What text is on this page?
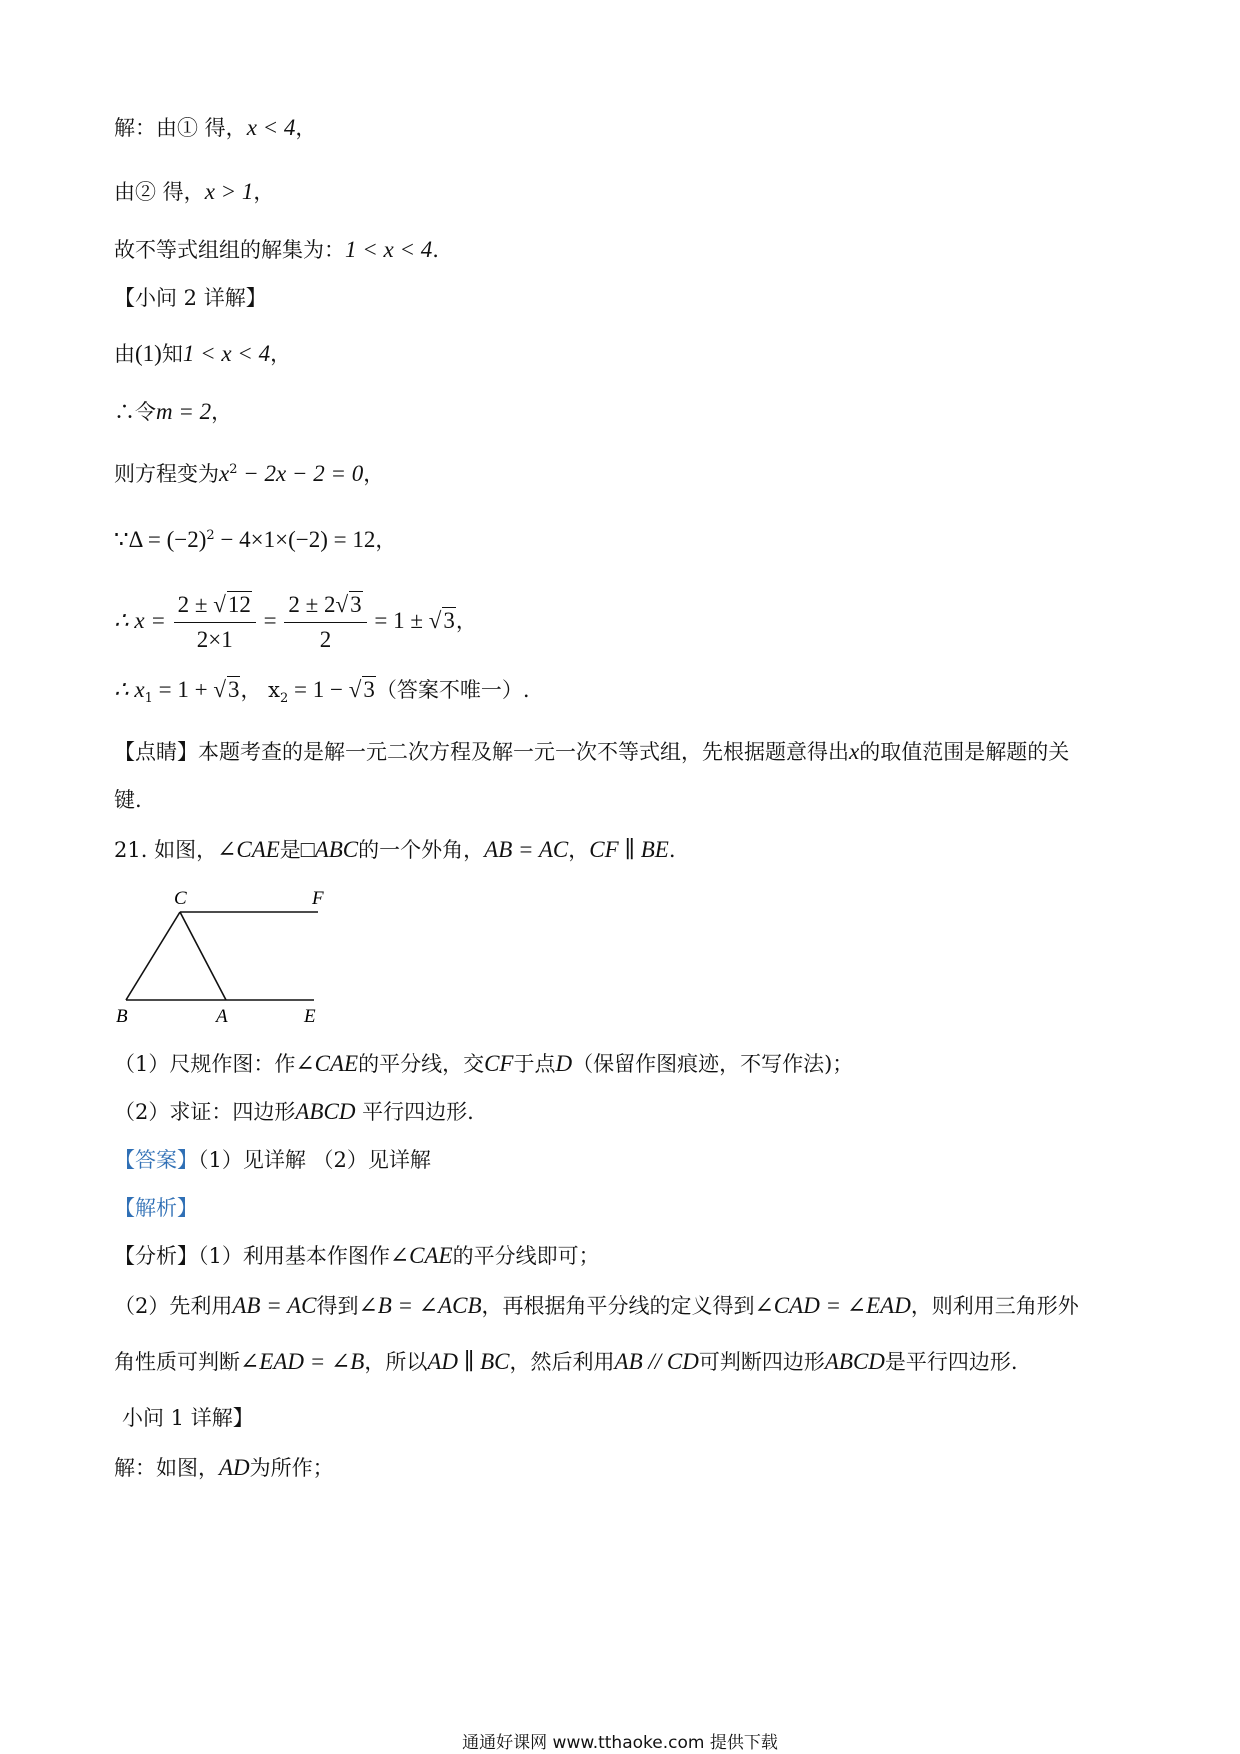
解：由① 得，x < 4，
由② 得，x > 1，
故不等式组组的解集为：1 < x < 4.
【小问 2 详解】
由(1)知1 < x < 4，
∴令m = 2，
则方程变为$x^2 - 2x - 2 = 0$，
∵Δ = $(-2)^2 - 4\times 1\times(-2) = 12$，
∴ $x = \frac{2 \pm √12}{2\times 1} = \frac{2 \pm 2√3}{2} = 1 \pm √3$，
∴ $x_1 = 1 + √3$， $x_2 = 1 - √3$（答案不唯一）.
【点睛】本题考查的是解一元二次方程及解一元一次不等式组，先根据题意得出x的取值范围是解题的关
键.
21. 如图，∠CAE是□ABC的一个外角，AB = AC，CF ∥ BE.
C	F
B	A	E
（1）尺规作图：作∠CAE的平分线，交CF于点D（保留作图痕迹，不写作法)；
（2）求证：四边形ABCD 平行四边形.
【答案】（1）见详解 （2）见详解
【解析】
【分析】（1）利用基本作图作∠CAE的平分线即可；
（2）先利用AB = AC得到∠B = ∠ACB，再根据角平分线的定义得到∠CAD = ∠EAD，则利用三角形外
角性质可判断∠EAD = ∠B，所以AD ∥ BC，然后利用AB // CD可判断四边形ABCD是平行四边形.
小问 1 详解】
解：如图，AD为所作；
通通好课网 www.tthaoke.com 提供下载
